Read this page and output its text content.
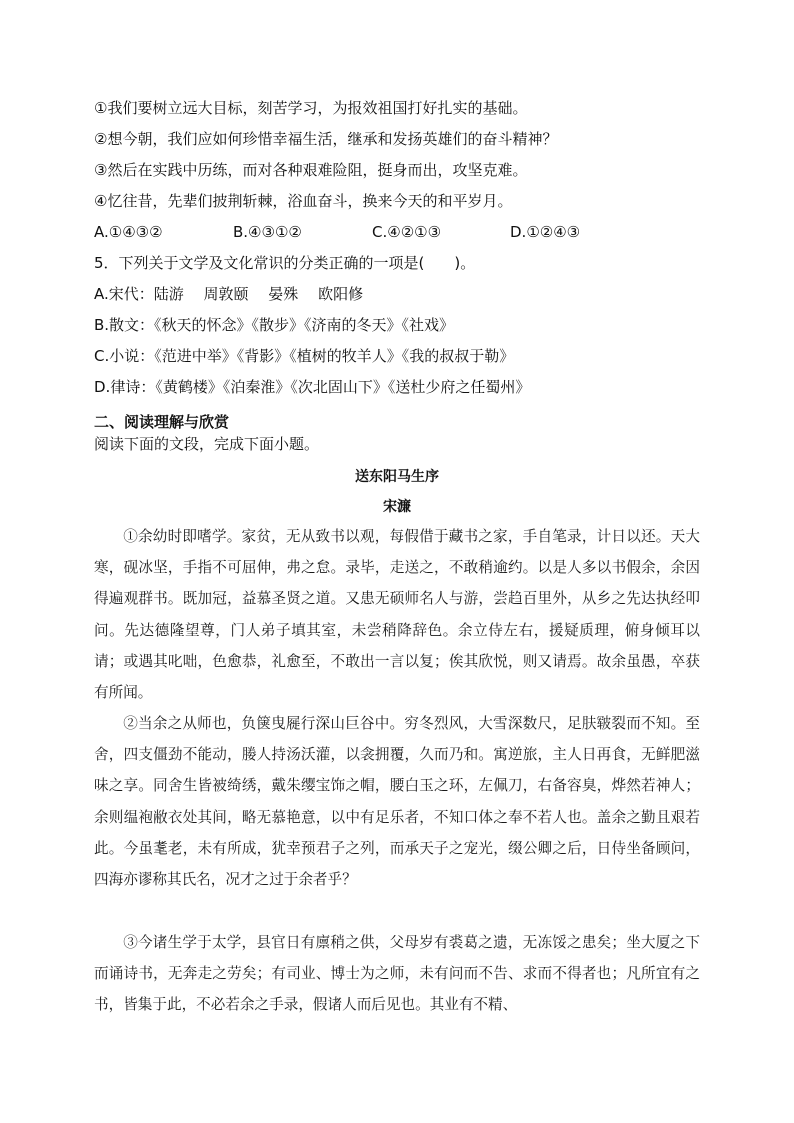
①我们要树立远大目标，刻苦学习，为报效祖国打好扎实的基础。

②想今朝，我们应如何珍惜幸福生活，继承和发扬英雄们的奋斗精神？

③然后在实践中历练，而对各种艰难险阻，挺身而出，攻坚克难。

④忆往昔，先辈们披荆斩棘，浴血奋斗，换来今天的和平岁月。

A.①④③②	B.④③①②	C.④②①③	D.①②④③

5．下列关于文学及文化常识的分类正确的一项是(　　)。

A.宋代：陆游　 周敦颐　 晏殊　 欧阳修

B.散文：《秋天的怀念》《散步》《济南的冬天》《社戏》

C.小说：《范进中举》《背影》《植树的牧羊人》《我的叔叔于勒》

D.律诗：《黄鹤楼》《泊秦淮》《次北固山下》《送杜少府之任蜀州》

二、阅读理解与欣赏

阅读下面的文段，完成下面小题。

送东阳马生序

宋濂

①余幼时即嗜学。家贫，无从致书以观，每假借于藏书之家，手自笔录，计日以还。天大寒，砚冰坚，手指不可屈伸，弗之怠。录毕，走送之，不敢稍逾约。以是人多以书假余，余因得遍观群书。既加冠，益慕圣贤之道。又患无硕师名人与游，尝趋百里外，从乡之先达执经叩问。先达德隆望尊，门人弟子填其室，未尝稍降辞色。余立侍左右，援疑质理，俯身倾耳以请；或遇其叱咄，色愈恭，礼愈至，不敢出一言以复；俟其欣悦，则又请焉。故余虽愚，卒获有所闻。

②当余之从师也，负箧曳屣行深山巨谷中。穷冬烈风，大雪深数尺，足肤皲裂而不知。至舍，四支僵劲不能动，媵人持汤沃灌，以衾拥覆，久而乃和。寓逆旅，主人日再食，无鲜肥滋味之享。同舍生皆被绮绣，戴朱缨宝饰之帽，腰白玉之环，左佩刀，右备容臭，烨然若神人；余则缊袍敝衣处其间，略无慕艳意，以中有足乐者，不知口体之奉不若人也。盖余之勤且艰若此。今虽耄老，未有所成，犹幸预君子之列，而承天子之宠光，缀公卿之后，日侍坐备顾问，四海亦谬称其氏名，况才之过于余者乎？

③今诸生学于太学，县官日有廪稍之供，父母岁有裘葛之遗，无冻馁之患矣；坐大厦之下而诵诗书，无奔走之劳矣；有司业、博士为之师，未有问而不告、求而不得者也；凡所宜有之书，皆集于此，不必若余之手录，假诸人而后见也。其业有不精、
